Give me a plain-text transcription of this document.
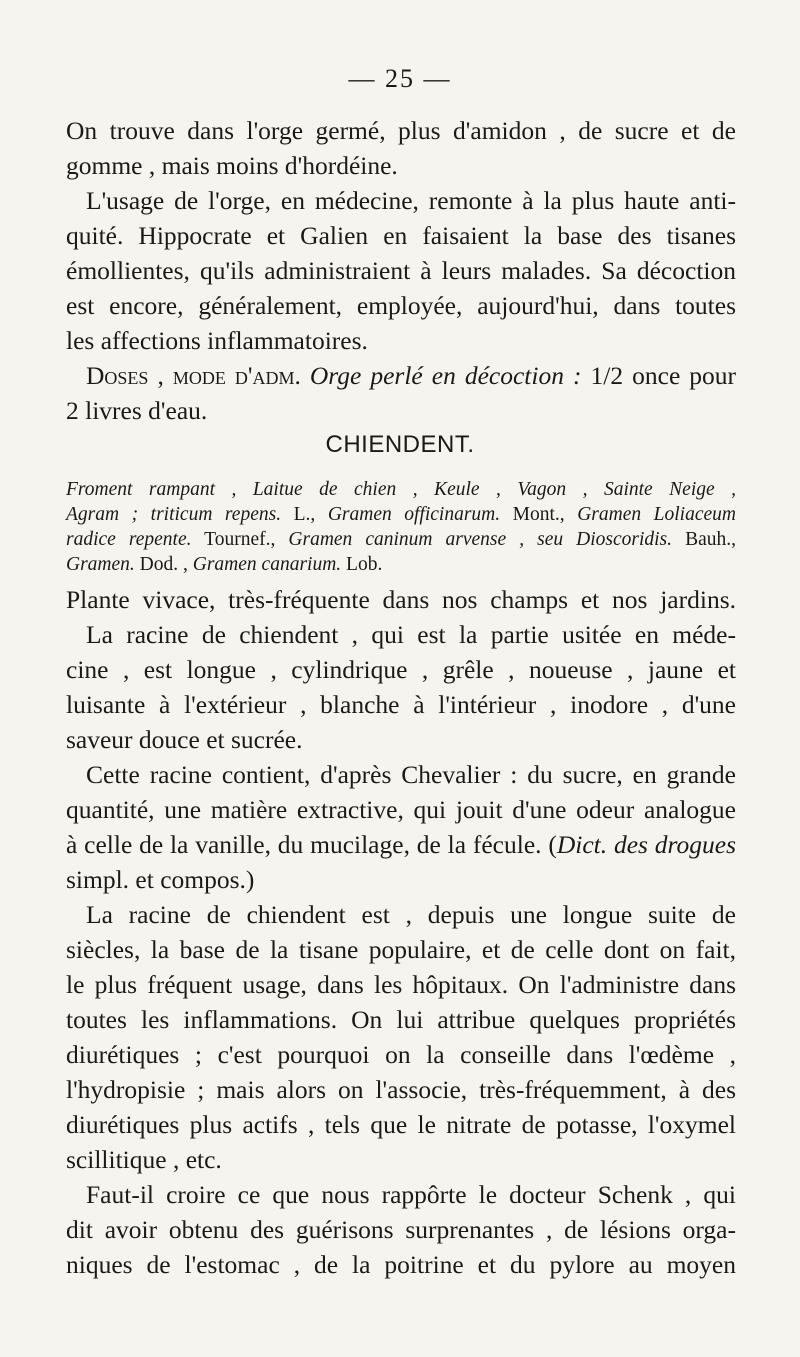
— 25 —
On trouve dans l'orge germé, plus d'amidon , de sucre et de
gomme , mais moins d'hordéine.
L'usage de l'orge, en médecine, remonte à la plus haute anti-
quité. Hippocrate et Galien en faisaient la base des tisanes
émollientes, qu'ils administraient à leurs malades. Sa décoction
est encore, généralement, employée, aujourd'hui, dans toutes
les affections inflammatoires.
Doses , mode d'adm. Orge perlé en décoction : 1/2 once pour
2 livres d'eau.
CHIENDENT.
Froment rampant , Laitue de chien , Keule , Vagon , Sainte Neige ,
Agram ; triticum repens. L., Gramen officinarum. Mont., Gramen Loliaceum
radice repente. Tournef., Gramen caninum arvense , seu Dioscoridis. Bauh.,
Gramen. Dod. , Gramen canarium. Lob.
Plante vivace, très-fréquente dans nos champs et nos jardins.
La racine de chiendent , qui est la partie usitée en méde-
cine , est longue , cylindrique , grêle , noueuse , jaune et
luisante à l'extérieur , blanche à l'intérieur , inodore , d'une
saveur douce et sucrée.
Cette racine contient, d'après Chevalier : du sucre, en grande
quantité, une matière extractive, qui jouit d'une odeur analogue
à celle de la vanille, du mucilage, de la fécule. (Dict. des drogues
simpl. et compos.)
La racine de chiendent est , depuis une longue suite de
siècles, la base de la tisane populaire, et de celle dont on fait,
le plus fréquent usage, dans les hôpitaux. On l'administre dans
toutes les inflammations. On lui attribue quelques propriétés
diurétiques ; c'est pourquoi on la conseille dans l'œdème ,
l'hydropisie ; mais alors on l'associe, très-fréquemment, à des
diurétiques plus actifs , tels que le nitrate de potasse, l'oxymel
scillitique , etc.
Faut-il croire ce que nous rappôrte le docteur Schenk , qui
dit avoir obtenu des guérisons surprenantes , de lésions orga-
niques de l'estomac , de la poitrine et du pylore au moyen
